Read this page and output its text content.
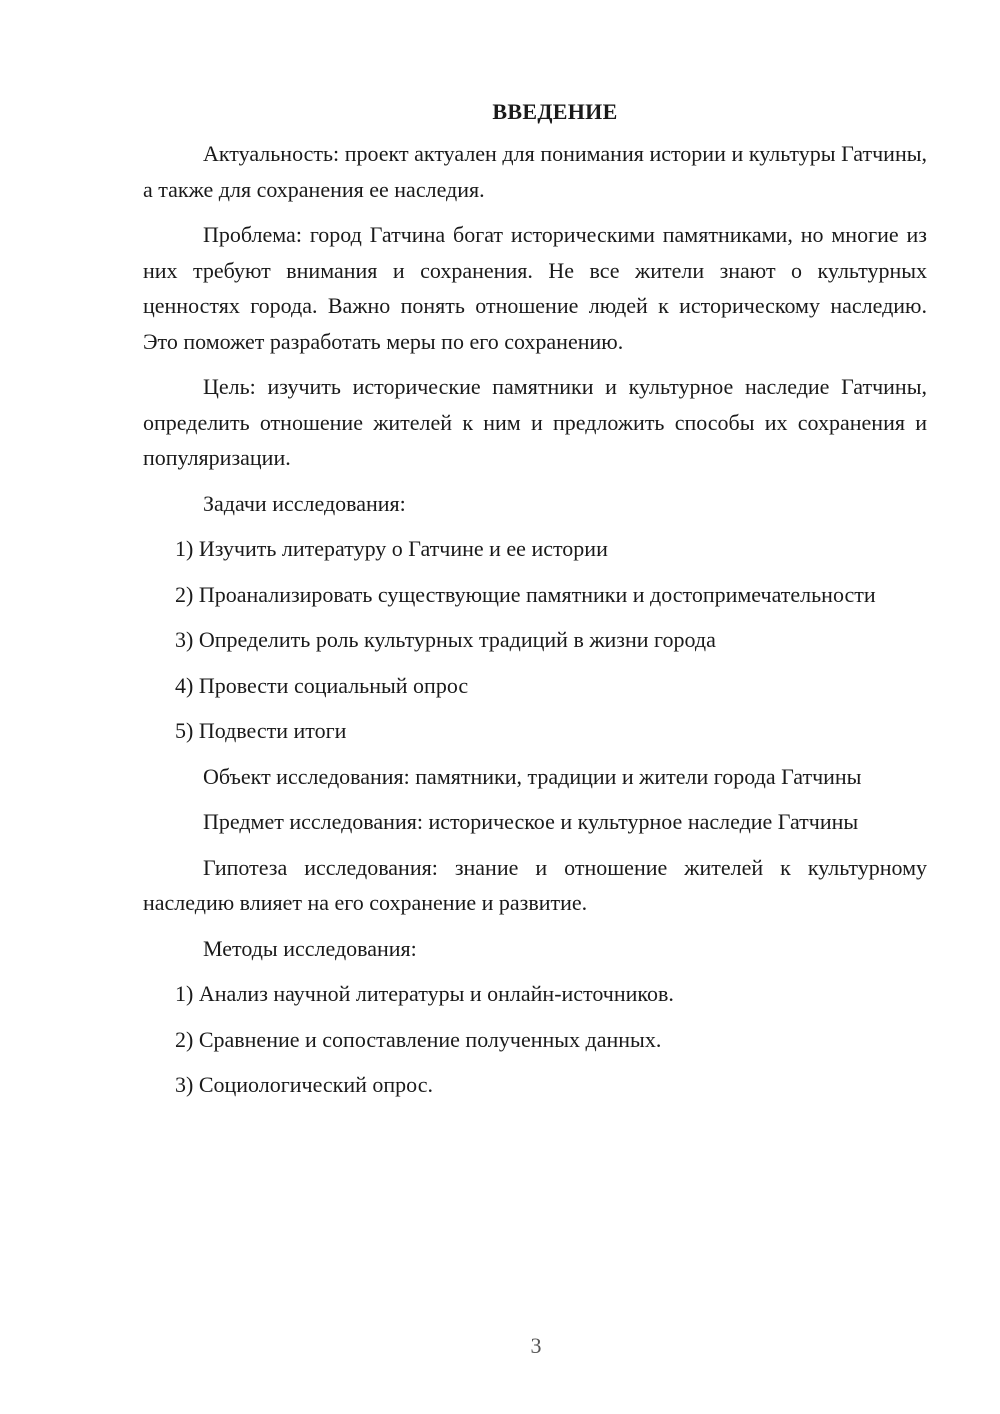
ВВЕДЕНИЕ

Актуальность: проект актуален для понимания истории и культуры Гатчины, а также для сохранения ее наследия.

Проблема: город Гатчина богат историческими памятниками, но многие из них требуют внимания и сохранения. Не все жители знают о культурных ценностях города. Важно понять отношение людей к историческому наследию. Это поможет разработать меры по его сохранению.

Цель: изучить исторические памятники и культурное наследие Гатчины, определить отношение жителей к ним и предложить способы их сохранения и популяризации.

Задачи исследования:

1) Изучить литературу о Гатчине и ее истории

2) Проанализировать существующие памятники и достопримечательности

3) Определить роль культурных традиций в жизни города

4) Провести социальный опрос

5) Подвести итоги

Объект исследования: памятники, традиции и жители города Гатчины

Предмет исследования: историческое и культурное наследие Гатчины

Гипотеза исследования: знание и отношение жителей к культурному наследию влияет на его сохранение и развитие.

Методы исследования:

1) Анализ научной литературы и онлайн-источников.

2) Сравнение и сопоставление полученных данных.

3) Социологический опрос.

3
